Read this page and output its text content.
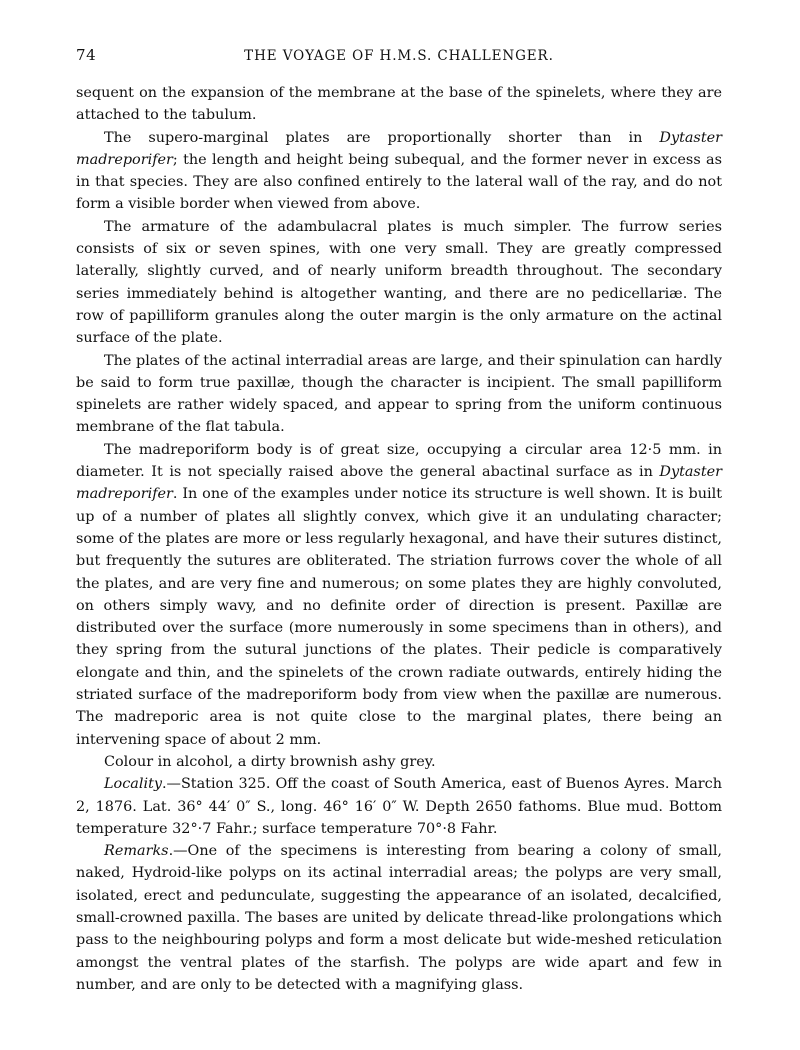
74	THE VOYAGE OF H.M.S. CHALLENGER.

sequent on the expansion of the membrane at the base of the spinelets, where they are attached to the tabulum.

The supero-marginal plates are proportionally shorter than in Dytaster madreporifer; the length and height being subequal, and the former never in excess as in that species. They are also confined entirely to the lateral wall of the ray, and do not form a visible border when viewed from above.

The armature of the adambulacral plates is much simpler. The furrow series consists of six or seven spines, with one very small. They are greatly compressed laterally, slightly curved, and of nearly uniform breadth throughout. The secondary series immediately behind is altogether wanting, and there are no pedicellariæ. The row of papilliform granules along the outer margin is the only armature on the actinal surface of the plate.

The plates of the actinal interradial areas are large, and their spinulation can hardly be said to form true paxillæ, though the character is incipient. The small papilliform spinelets are rather widely spaced, and appear to spring from the uniform continuous membrane of the flat tabula.

The madreporiform body is of great size, occupying a circular area 12·5 mm. in diameter. It is not specially raised above the general abactinal surface as in Dytaster madreporifer. In one of the examples under notice its structure is well shown. It is built up of a number of plates all slightly convex, which give it an undulating character; some of the plates are more or less regularly hexagonal, and have their sutures distinct, but frequently the sutures are obliterated. The striation furrows cover the whole of all the plates, and are very fine and numerous; on some plates they are highly convoluted, on others simply wavy, and no definite order of direction is present. Paxillæ are distributed over the surface (more numerously in some specimens than in others), and they spring from the sutural junctions of the plates. Their pedicle is comparatively elongate and thin, and the spinelets of the crown radiate outwards, entirely hiding the striated surface of the madreporiform body from view when the paxillæ are numerous. The madreporic area is not quite close to the marginal plates, there being an intervening space of about 2 mm.

Colour in alcohol, a dirty brownish ashy grey.

Locality.—Station 325. Off the coast of South America, east of Buenos Ayres. March 2, 1876. Lat. 36° 44′ 0″ S., long. 46° 16′ 0″ W. Depth 2650 fathoms. Blue mud. Bottom temperature 32°·7 Fahr.; surface temperature 70°·8 Fahr.

Remarks.—One of the specimens is interesting from bearing a colony of small, naked, Hydroid-like polyps on its actinal interradial areas; the polyps are very small, isolated, erect and pedunculate, suggesting the appearance of an isolated, decalcified, small-crowned paxilla. The bases are united by delicate thread-like prolongations which pass to the neighbouring polyps and form a most delicate but wide-meshed reticulation amongst the ventral plates of the starfish. The polyps are wide apart and few in number, and are only to be detected with a magnifying glass.
